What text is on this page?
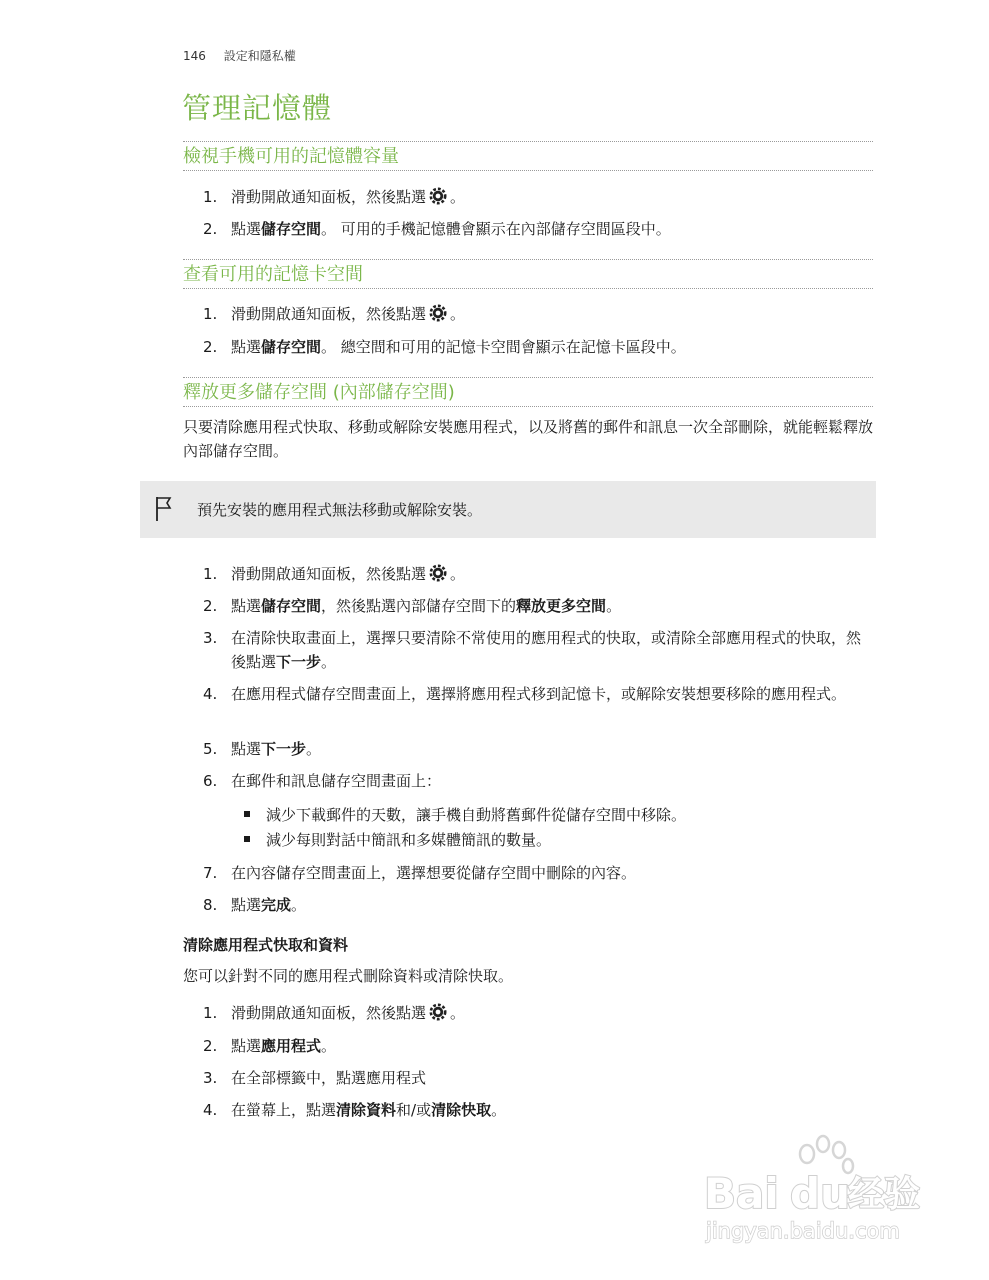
146 設定和隱私權
管理記憶體
檢視手機可用的記憶體容量
1. 滑動開啟通知面板，然後點選 。
2. 點選儲存空間。 可用的手機記憶體會顯示在內部儲存空間區段中。
查看可用的記憶卡空間
1. 滑動開啟通知面板，然後點選 。
2. 點選儲存空間。 總空間和可用的記憶卡空間會顯示在記憶卡區段中。
釋放更多儲存空間 (內部儲存空間)
只要清除應用程式快取、移動或解除安裝應用程式，以及將舊的郵件和訊息一次全部刪除，就能輕鬆釋放內部儲存空間。
預先安裝的應用程式無法移動或解除安裝。
1. 滑動開啟通知面板，然後點選 。
2. 點選儲存空間，然後點選內部儲存空間下的釋放更多空間。
3. 在清除快取畫面上，選擇只要清除不常使用的應用程式的快取，或清除全部應用程式的快取，然後點選下一步。
4. 在應用程式儲存空間畫面上，選擇將應用程式移到記憶卡，或解除安裝想要移除的應用程式。
5. 點選下一步。
6. 在郵件和訊息儲存空間畫面上：
減少下載郵件的天數，讓手機自動將舊郵件從儲存空間中移除。
減少每則對話中簡訊和多媒體簡訊的數量。
7. 在內容儲存空間畫面上，選擇想要從儲存空間中刪除的內容。
8. 點選完成。
清除應用程式快取和資料
您可以針對不同的應用程式刪除資料或清除快取。
1. 滑動開啟通知面板，然後點選 。
2. 點選應用程式。
3. 在全部標籤中，點選應用程式
4. 在螢幕上，點選清除資料和/或清除快取。
Bai du
经验
jingyan.baidu.com
